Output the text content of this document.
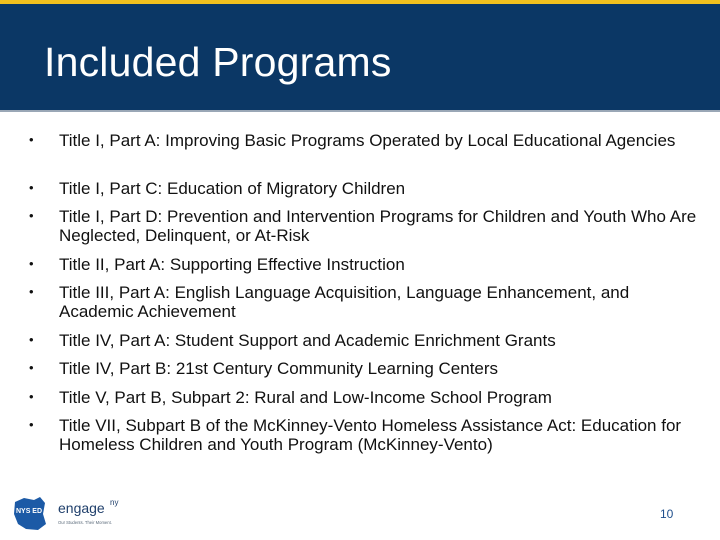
Included Programs
• Title I, Part A: Improving Basic Programs Operated by Local Educational Agencies
• Title I, Part C: Education of Migratory Children
• Title I, Part D: Prevention and Intervention Programs for Children and Youth Who Are Neglected, Delinquent, or At-Risk
• Title II, Part A: Supporting Effective Instruction
• Title III, Part A: English Language Acquisition, Language Enhancement, and Academic Achievement
• Title IV, Part A: Student Support and Academic Enrichment Grants
• Title IV, Part B: 21st Century Community Learning Centers
• Title V, Part B, Subpart 2: Rural and Low-Income School Program
• Title VII, Subpart B of the McKinney-Vento Homeless Assistance Act: Education for Homeless Children and Youth Program (McKinney-Vento)
NYS ED engage ny
Our Students. Their Moment.
10
